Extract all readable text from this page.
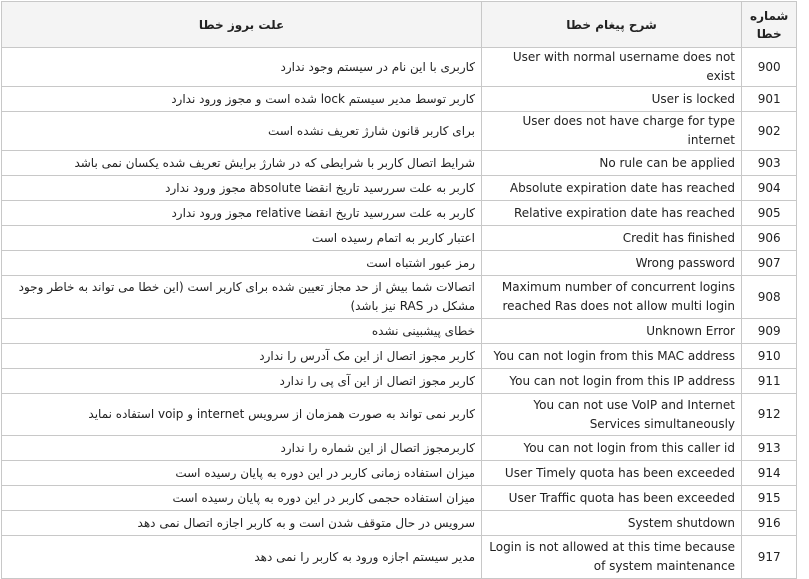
شماره خطا	شرح پیغام خطا	علت بروز خطا
900	User with normal username does not exist	کاربری با این نام در سیستم وجود ندارد
901	User is locked	کاربر توسط مدیر سیستم lock شده است و مجوز ورود ندارد
902	User does not have charge for type internet	برای کاربر قانون شارژ تعریف نشده است
903	No rule can be applied	شرایط اتصال کاربر با شرایطی که در شارژ برایش تعریف شده یکسان نمی باشد
904	Absolute expiration date has reached	کاربر به علت سررسید تاریخ انقضا absolute مجوز ورود ندارد
905	Relative expiration date has reached	کاربر به علت سررسید تاریخ انقضا relative مجوز ورود ندارد
906	Credit has finished	اعتبار کاربر به اتمام رسیده است
907	Wrong password	رمز عبور اشتباه است
908	Maximum number of concurrent logins reached Ras does not allow multi login	اتصالات شما بیش از حد مجاز تعیین شده برای کاربر است (این خطا می تواند به خاطر وجود مشکل در RAS نیز باشد)
909	Unknown Error	خطای پیشبینی نشده
910	You can not login from this MAC address	کاربر مجوز اتصال از این مک آدرس را ندارد
911	You can not login from this IP address	کاربر مجوز اتصال از این آی پی را ندارد
912	You can not use VoIP and Internet Services simultaneously	کاربر نمی تواند به صورت همزمان از سرویس internet و voip استفاده نماید
913	You can not login from this caller id	کاربرمجوز اتصال از این شماره را ندارد
914	User Timely quota has been exceeded	میزان استفاده زمانی کاربر در این دوره به پایان رسیده است
915	User Traffic quota has been exceeded	میزان استفاده حجمی کاربر در این دوره به پایان رسیده است
916	System shutdown	سرویس در حال متوقف شدن است و به کاربر اجازه اتصال نمی دهد
917	Login is not allowed at this time because of system maintenance	مدیر سیستم اجازه ورود به کاربر را نمی دهد
